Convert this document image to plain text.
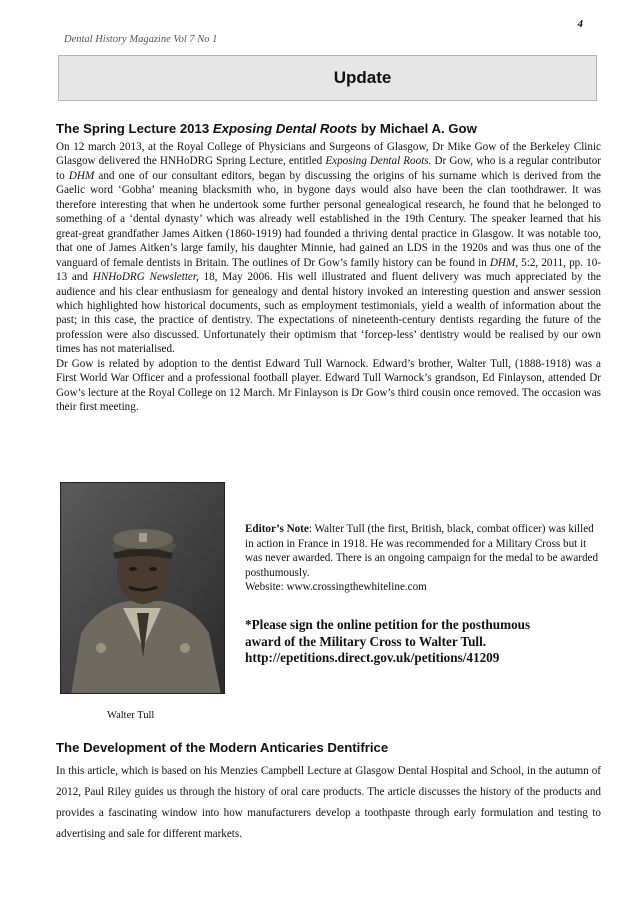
4
Dental History Magazine Vol 7 No 1
Update
The Spring Lecture 2013 Exposing Dental Roots by Michael A. Gow

On 12 march 2013, at the Royal College of Physicians and Surgeons of Glasgow, Dr Mike Gow of the Berkeley Clinic Glasgow delivered the HNHoDRG Spring Lecture, entitled Exposing Dental Roots. Dr Gow, who is a regular contributor to DHM and one of our consultant editors, began by discussing the origins of his surname which is derived from the Gaelic word ‘Gobha’ meaning blacksmith who, in bygone days would also have been the clan toothdrawer. It was therefore interesting that when he undertook some further personal genealogical research, he found that he belonged to something of a ‘dental dynasty’ which was already well established in the 19th Century. The speaker learned that his great-great grandfather James Aitken (1860-1919) had founded a thriving dental practice in Glasgow. It was notable too, that one of James Aitken’s large family, his daughter Minnie, had gained an LDS in the 1920s and was thus one of the vanguard of female dentists in Britain. The outlines of Dr Gow’s family history can be found in DHM, 5:2, 2011, pp. 10-13 and HNHoDRG Newsletter, 18, May 2006. His well illustrated and fluent delivery was much appreciated by the audience and his clear enthusiasm for genealogy and dental history invoked an interesting question and answer session which highlighted how historical documents, such as employment testimonials, yield a wealth of information about the past; in this case, the practice of dentistry. The expectations of nineteenth-century dentists regarding the future of the profession were also discussed. Unfortunately their optimism that ‘forcep-less’ dentistry would be realised by our own times has not materialised.

Dr Gow is related by adoption to the dentist Edward Tull Warnock. Edward’s brother, Walter Tull, (1888-1918) was a First World War Officer and a professional football player. Edward Tull Warnock’s grandson, Ed Finlayson, attended Dr Gow’s lecture at the Royal College on 12 March. Mr Finlayson is Dr Gow’s third cousin once removed. The occasion was their first meeting.

Walter Tull

Editor’s Note: Walter Tull (the first, British, black, combat officer) was killed in action in France in 1918. He was recommended for a Military Cross but it was never awarded. There is an ongoing campaign for the medal to be awarded posthumously.

Website: www.crossingthewhiteline.com

*Please sign the online petition for the posthumous
award of the Military Cross to Walter Tull.
http://epetitions.direct.gov.uk/petitions/41209
The Development of the Modern Anticaries Dentifrice
In this article, which is based on his Menzies Campbell Lecture at Glasgow Dental Hospital and School, in the autumn of 2012, Paul Riley guides us through the history of oral care products. The article discusses the history of the products and provides a fascinating window into how manufacturers develop a toothpaste through early formulation and testing to advertising and sale for different markets.
